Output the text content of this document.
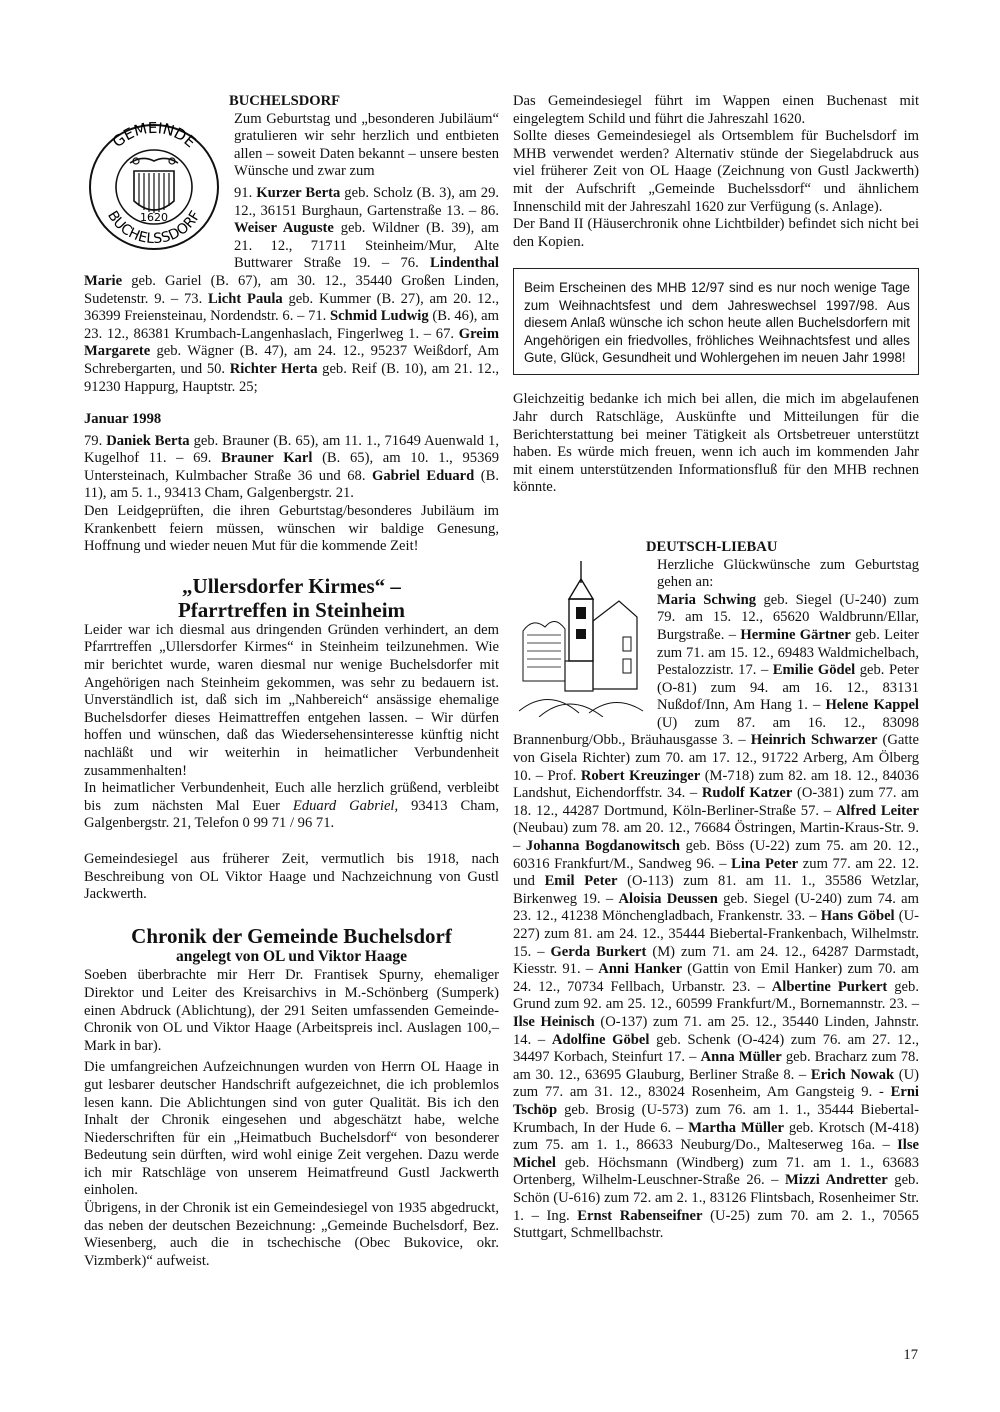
BUCHELSDORF
1620
GEMEINDE
BUCHELSSDORF

Zum Geburtstag und „besonderen Jubiläum“ gratulieren wir sehr herzlich und entbieten allen – soweit Daten bekannt – unsere besten Wünsche und zwar zum

91. Kurzer Berta geb. Scholz (B. 3), am 29. 12., 36151 Burghaun, Gartenstraße 13. – 86. Weiser Auguste geb. Wildner (B. 39), am 21. 12., 71711 Steinheim/Mur, Alte Buttwarer Straße 19. – 76. Lindenthal Marie geb. Gariel (B. 67), am 30. 12., 35440 Großen Linden, Sudetenstr. 9. – 73. Licht Paula geb. Kummer (B. 27), am 20. 12., 36399 Freiensteinau, Nordendstr. 6. – 71. Schmid Ludwig (B. 46), am 23. 12., 86381 Krumbach-Langenhaslach, Fingerlweg 1. – 67. Greim Margarete geb. Wägner (B. 47), am 24. 12., 95237 Weißdorf, Am Schrebergarten, und 50. Richter Herta geb. Reif (B. 10), am 21. 12., 91230 Happurg, Hauptstr. 25;

Januar 1998

79. Daniek Berta geb. Brauner (B. 65), am 11. 1., 71649 Auenwald 1, Kugelhof 11. – 69. Brauner Karl (B. 65), am 10. 1., 95369 Untersteinach, Kulmbacher Straße 36 und 68. Gabriel Eduard (B. 11), am 5. 1., 93413 Cham, Galgenbergstr. 21.

Den Leidgeprüften, die ihren Geburtstag/besonderes Jubiläum im Krankenbett feiern müssen, wünschen wir baldige Genesung, Hoffnung und wieder neuen Mut für die kommende Zeit!

„Ullersdorfer Kirmes“ –
Pfarrtreffen in Steinheim

Leider war ich diesmal aus dringenden Gründen verhindert, an dem Pfarrtreffen „Ullersdorfer Kirmes“ in Steinheim teilzunehmen. Wie mir berichtet wurde, waren diesmal nur wenige Buchelsdorfer mit Angehörigen nach Steinheim gekommen, was sehr zu bedauern ist. Unverständlich ist, daß sich im „Nahbereich“ ansässige ehemalige Buchelsdorfer dieses Heimattreffen entgehen lassen. – Wir dürfen hoffen und wünschen, daß das Wiedersehensinteresse künftig nicht nachläßt und wir weiterhin in heimatlicher Verbundenheit zusammenhalten!

In heimatlicher Verbundenheit, Euch alle herzlich grüßend, verbleibt bis zum nächsten Mal Euer Eduard Gabriel, 93413 Cham, Galgenbergstr. 21, Telefon 0 99 71 / 96 71.

Gemeindesiegel aus früherer Zeit, vermutlich bis 1918, nach Beschreibung von OL Viktor Haage und Nachzeichnung von Gustl Jackwerth.

Chronik der Gemeinde Buchelsdorf
angelegt von OL und Viktor Haage

Soeben überbrachte mir Herr Dr. Frantisek Spurny, ehemaliger Direktor und Leiter des Kreisarchivs in M.-Schönberg (Sumperk) einen Abdruck (Ablichtung), der 291 Seiten umfassenden Gemeinde-Chronik von OL und Viktor Haage (Arbeitspreis incl. Auslagen 100,– Mark in bar).

Die umfangreichen Aufzeichnungen wurden von Herrn OL Haage in gut lesbarer deutscher Handschrift aufgezeichnet, die ich problemlos lesen kann. Die Ablichtungen sind von guter Qualität. Bis ich den Inhalt der Chronik eingesehen und abgeschätzt habe, welche Niederschriften für ein „Heimatbuch Buchelsdorf“ von besonderer Bedeutung sein dürften, wird wohl einige Zeit vergehen. Dazu werde ich mir Ratschläge von unserem Heimatfreund Gustl Jackwerth einholen.

Übrigens, in der Chronik ist ein Gemeindesiegel von 1935 abgedruckt, das neben der deutschen Bezeichnung: „Gemeinde Buchelsdorf, Bez. Wiesenberg, auch die in tschechische (Obec Bukovice, okr. Vizmberk)“ aufweist.

Das Gemeindesiegel führt im Wappen einen Buchenast mit eingelegtem Schild und führt die Jahreszahl 1620.

Sollte dieses Gemeindesiegel als Ortsemblem für Buchelsdorf im MHB verwendet werden? Alternativ stünde der Siegelabdruck aus viel früherer Zeit von OL Haage (Zeichnung von Gustl Jackwerth) mit der Aufschrift „Gemeinde Buchelssdorf“ und ähnlichem Innenschild mit der Jahreszahl 1620 zur Verfügung (s. Anlage).

Der Band II (Häuserchronik ohne Lichtbilder) befindet sich nicht bei den Kopien.

Beim Erscheinen des MHB 12/97 sind es nur noch wenige Tage zum Weihnachtsfest und dem Jahreswechsel 1997/98. Aus diesem Anlaß wünsche ich schon heute allen Buchelsdorfern mit Angehörigen ein friedvolles, fröhliches Weihnachtsfest und alles Gute, Glück, Gesundheit und Wohlergehen im neuen Jahr 1998!

Gleichzeitig bedanke ich mich bei allen, die mich im abgelaufenen Jahr durch Ratschläge, Auskünfte und Mitteilungen für die Berichterstattung bei meiner Tätigkeit als Ortsbetreuer unterstützt haben. Es würde mich freuen, wenn ich auch im kommenden Jahr mit einem unterstützenden Informationsfluß für den MHB rechnen könnte.

DEUTSCH-LIEBAU

Herzliche Glückwünsche zum Geburtstag gehen an:

Maria Schwing geb. Siegel (U-240) zum 79. am 15. 12., 65620 Waldbrunn/Ellar, Burgstraße. – Hermine Gärtner geb. Leiter zum 71. am 15. 12., 69483 Waldmichelbach, Pestalozzistr. 17. – Emilie Gödel geb. Peter (O-81) zum 94. am 16. 12., 83131 Nußdof/Inn, Am Hang 1. – Helene Kappel (U) zum 87. am 16. 12., 83098 Brannenburg/Obb., Bräuhausgasse 3. – Heinrich Schwarzer (Gatte von Gisela Richter) zum 70. am 17. 12., 91722 Arberg, Am Ölberg 10. – Prof. Robert Kreuzinger (M-718) zum 82. am 18. 12., 84036 Landshut, Eichendorffstr. 34. – Rudolf Katzer (O-381) zum 77. am 18. 12., 44287 Dortmund, Köln-Berliner-Straße 57. – Alfred Leiter (Neubau) zum 78. am 20. 12., 76684 Östringen, Martin-Kraus-Str. 9. – Johanna Bogdanowitsch geb. Böss (U-22) zum 75. am 20. 12., 60316 Frankfurt/M., Sandweg 96. – Lina Peter zum 77. am 22. 12. und Emil Peter (O-113) zum 81. am 11. 1., 35586 Wetzlar, Birkenweg 19. – Aloisia Deussen geb. Siegel (U-240) zum 74. am 23. 12., 41238 Mönchengladbach, Frankenstr. 33. – Hans Göbel (U-227) zum 81. am 24. 12., 35444 Biebertal-Frankenbach, Wilhelmstr. 15. – Gerda Burkert (M) zum 71. am 24. 12., 64287 Darmstadt, Kiesstr. 91. – Anni Hanker (Gattin von Emil Hanker) zum 70. am 24. 12., 70734 Fellbach, Urbanstr. 23. – Albertine Purkert geb. Grund zum 92. am 25. 12., 60599 Frankfurt/M., Bornemannstr. 23. – Ilse Heinisch (O-137) zum 71. am 25. 12., 35440 Linden, Jahnstr. 14. – Adolfine Göbel geb. Schenk (O-424) zum 76. am 27. 12., 34497 Korbach, Steinfurt 17. – Anna Müller geb. Bracharz zum 78. am 30. 12., 63695 Glauburg, Berliner Straße 8. – Erich Nowak (U) zum 77. am 31. 12., 83024 Rosenheim, Am Gangsteig 9. - Erni Tschöp geb. Brosig (U-573) zum 76. am 1. 1., 35444 Biebertal-Krumbach, In der Hude 6. – Martha Müller geb. Krotsch (M-418) zum 75. am 1. 1., 86633 Neuburg/Do., Malteserweg 16a. – Ilse Michel geb. Höchsmann (Windberg) zum 71. am 1. 1., 63683 Ortenberg, Wilhelm-Leuschner-Straße 26. – Mizzi Andretter geb. Schön (U-616) zum 72. am 2. 1., 83126 Flintsbach, Rosenheimer Str. 1. – Ing. Ernst Rabenseifner (U-25) zum 70. am 2. 1., 70565 Stuttgart, Schmellbachstr.

17
